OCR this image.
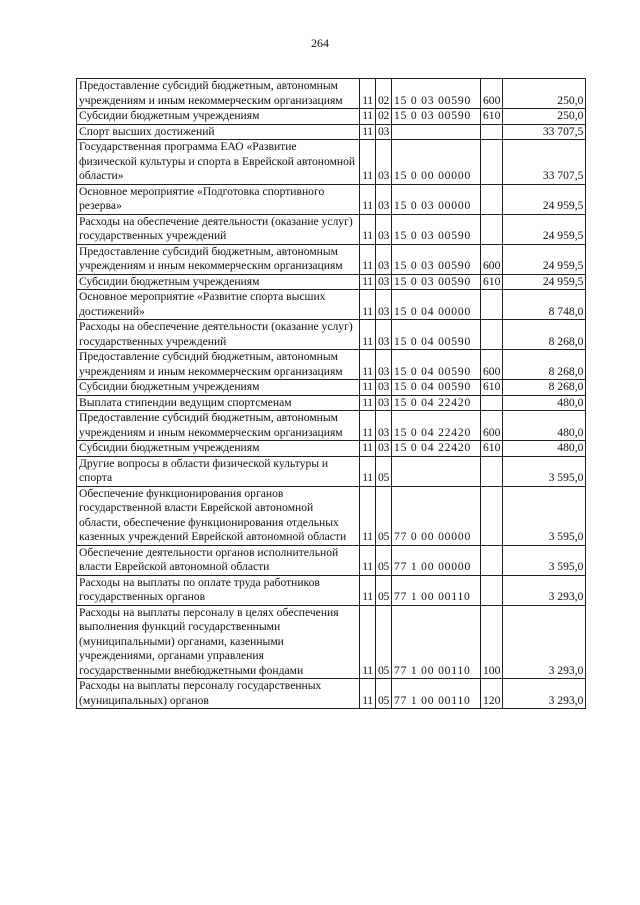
264
Предоставление субсидий бюджетным, автономным учреждениям и иным некоммерческим организациям	11	02	15 0 03 00590	600	250,0
Субсидии бюджетным учреждениям	11	02	15 0 03 00590	610	250,0
Спорт высших достижений	11	03			33 707,5
Государственная программа ЕАО «Развитие физической культуры и спорта в Еврейской автономной области»	11	03	15 0 00 00000		33 707,5
Основное мероприятие «Подготовка спортивного резерва»	11	03	15 0 03 00000		24 959,5
Расходы на обеспечение деятельности (оказание услуг) государственных учреждений	11	03	15 0 03 00590		24 959,5
Предоставление субсидий бюджетным, автономным учреждениям и иным некоммерческим организациям	11	03	15 0 03 00590	600	24 959,5
Субсидии бюджетным учреждениям	11	03	15 0 03 00590	610	24 959,5
Основное мероприятие «Развитие спорта высших достижений»	11	03	15 0 04 00000		8 748,0
Расходы на обеспечение деятельности (оказание услуг) государственных учреждений	11	03	15 0 04 00590		8 268,0
Предоставление субсидий бюджетным, автономным учреждениям и иным некоммерческим организациям	11	03	15 0 04 00590	600	8 268,0
Субсидии бюджетным учреждениям	11	03	15 0 04 00590	610	8 268,0
Выплата стипендии ведущим спортсменам	11	03	15 0 04 22420		480,0
Предоставление субсидий бюджетным, автономным учреждениям и иным некоммерческим организациям	11	03	15 0 04 22420	600	480,0
Субсидии бюджетным учреждениям	11	03	15 0 04 22420	610	480,0
Другие вопросы в области физической культуры и спорта	11	05			3 595,0
Обеспечение функционирования органов государственной власти Еврейской автономной области, обеспечение функционирования отдельных казенных учреждений Еврейской автономной области	11	05	77 0 00 00000		3 595,0
Обеспечение деятельности органов исполнительной власти Еврейской автономной области	11	05	77 1 00 00000		3 595,0
Расходы на выплаты по оплате труда работников государственных органов	11	05	77 1 00 00110		3 293,0
Расходы на выплаты персоналу в целях обеспечения выполнения функций государственными (муниципальными) органами, казенными учреждениями, органами управления государственными внебюджетными фондами	11	05	77 1 00 00110	100	3 293,0
Расходы на выплаты персоналу государственных (муниципальных) органов	11	05	77 1 00 00110	120	3 293,0
